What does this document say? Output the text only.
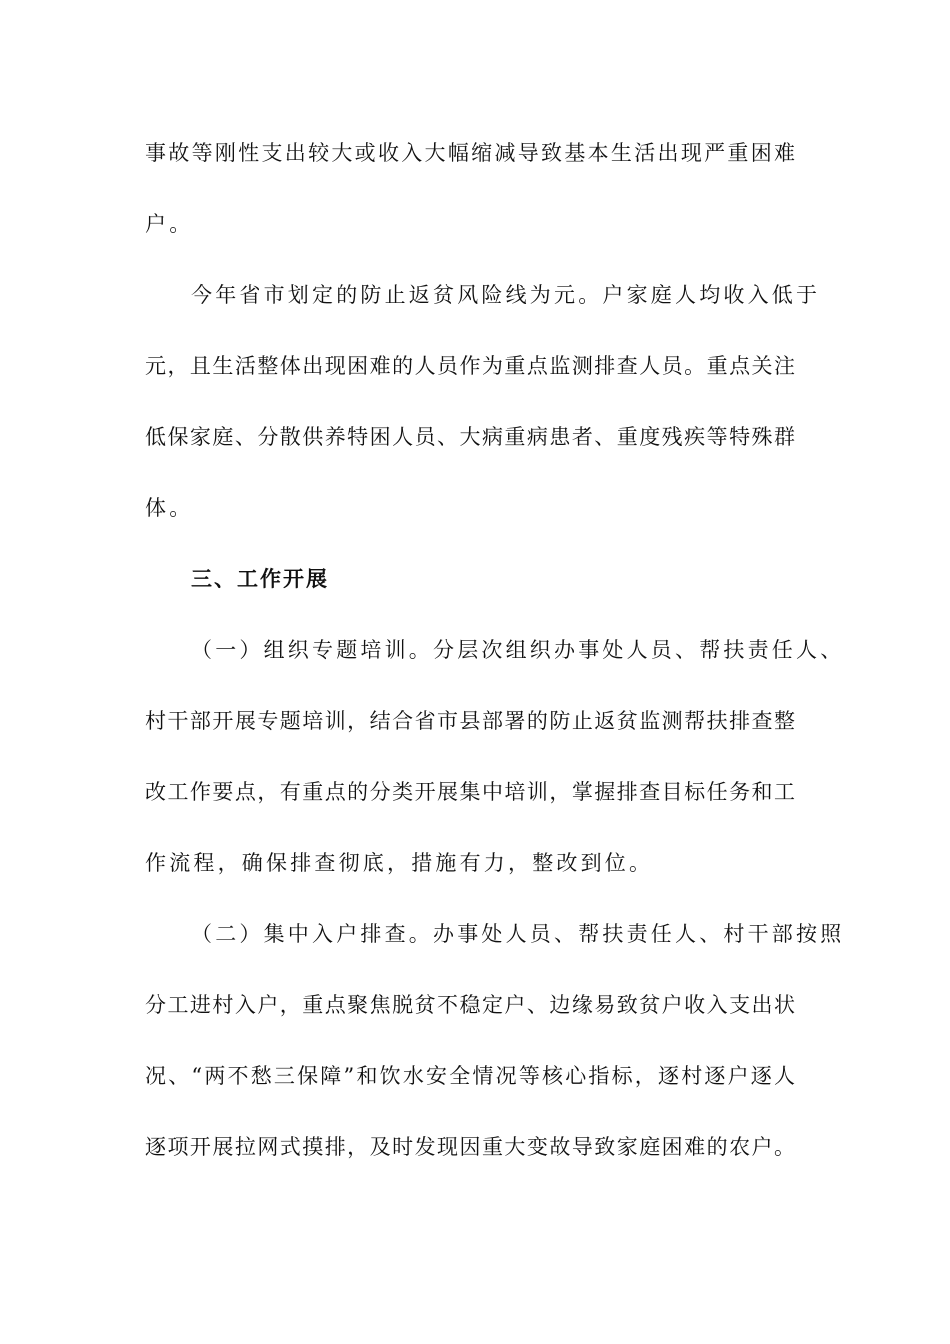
事故等刚性支出较大或收入大幅缩减导致基本生活出现严重困难
户。
今年省市划定的防止返贫风险线为元。户家庭人均收入低于
元，且生活整体出现困难的人员作为重点监测排查人员。重点关注
低保家庭、分散供养特困人员、大病重病患者、重度残疾等特殊群
体。
三、工作开展
（一）组织专题培训。分层次组织办事处人员、帮扶责任人、
村干部开展专题培训，结合省市县部署的防止返贫监测帮扶排查整
改工作要点，有重点的分类开展集中培训，掌握排查目标任务和工
作流程，确保排查彻底，措施有力，整改到位。
（二）集中入户排查。办事处人员、帮扶责任人、村干部按照
分工进村入户，重点聚焦脱贫不稳定户、边缘易致贫户收入支出状
况、“两不愁三保障”和饮水安全情况等核心指标，逐村逐户逐人
逐项开展拉网式摸排，及时发现因重大变故导致家庭困难的农户。
